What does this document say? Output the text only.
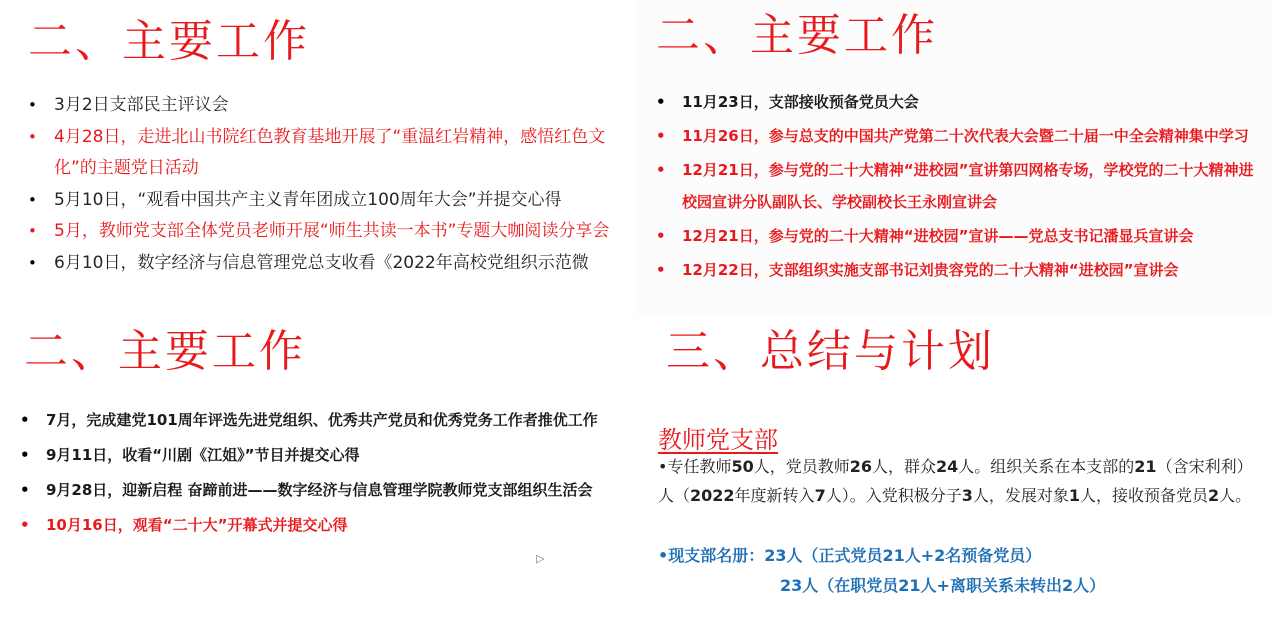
二、主要工作
• 3月2日支部民主评议会
• 4月28日，走进北山书院红色教育基地开展了“重温红岩精神，感悟红色文化”的主题党日活动
• 5月10日，“观看中国共产主义青年团成立100周年大会”并提交心得
• 5月，教师党支部全体党员老师开展“师生共读一本书”专题大咖阅读分享会
• 6月10日，数字经济与信息管理党总支收看《2022年高校党组织示范微
二、主要工作
• 11月23日，支部接收预备党员大会
• 11月26日，参与总支的中国共产党第二十次代表大会暨二十届一中全会精神集中学习
• 12月21日，参与党的二十大精神“进校园”宣讲第四网格专场，学校党的二十大精神进校园宣讲分队副队长、学校副校长王永刚宣讲会
• 12月21日，参与党的二十大精神“进校园”宣讲——党总支书记潘显兵宣讲会
• 12月22日，支部组织实施支部书记刘贵容党的二十大精神“进校园”宣讲会
二、主要工作
• 7月，完成建党101周年评选先进党组织、优秀共产党员和优秀党务工作者推优工作
• 9月11日，收看“川剧《江姐》”节目并提交心得
• 9月28日，迎新启程 奋蹄前进——数字经济与信息管理学院教师党支部组织生活会
• 10月16日，观看“二十大”开幕式并提交心得
▷
三、总结与计划
教师党支部
•专任教师50人，党员教师26人，群众24人。组织关系在本支部的21（含宋利利）人（2022年度新转入7人）。入党积极分子3人，发展对象1人，接收预备党员2人。
•现支部名册：23人（正式党员21人+2名预备党员）
23人（在职党员21人+离职关系未转出2人）
